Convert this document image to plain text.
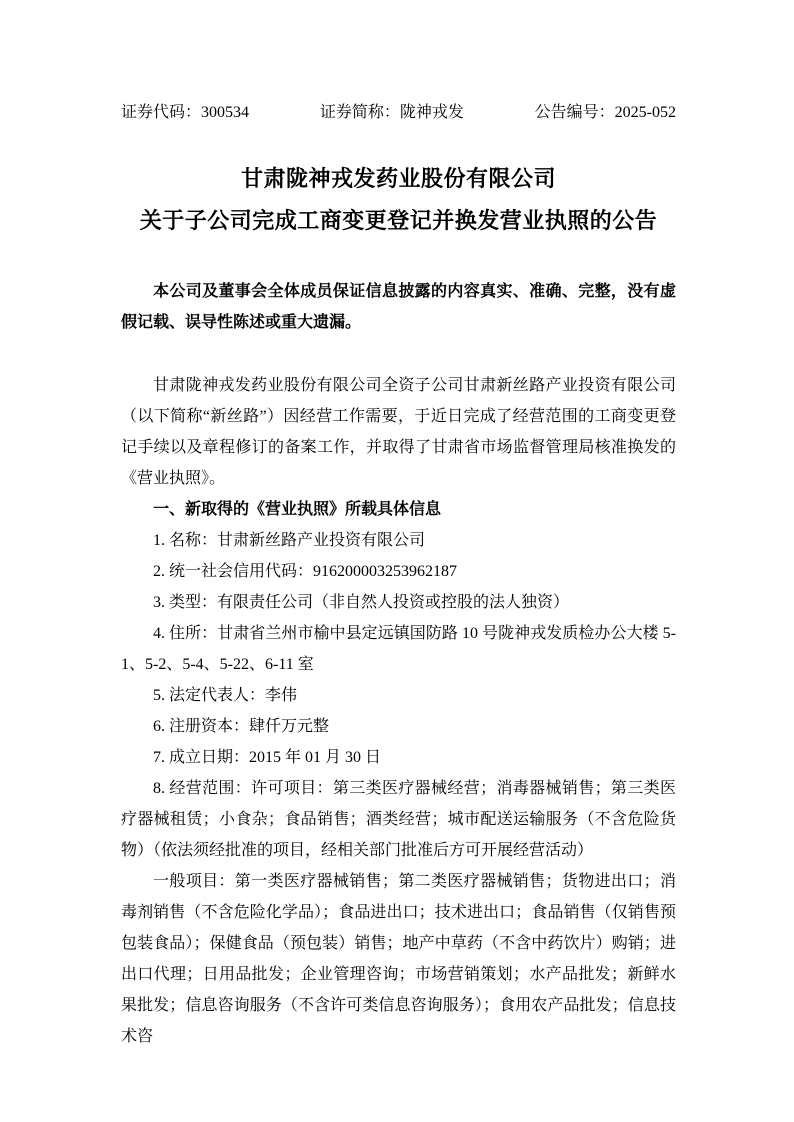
证券代码：300534	证券简称：陇神戎发	公告编号：2025-052
甘肃陇神戎发药业股份有限公司
关于子公司完成工商变更登记并换发营业执照的公告

本公司及董事会全体成员保证信息披露的内容真实、准确、完整，没有虚假记载、误导性陈述或重大遗漏。

甘肃陇神戎发药业股份有限公司全资子公司甘肃新丝路产业投资有限公司（以下简称“新丝路”）因经营工作需要，于近日完成了经营范围的工商变更登记手续以及章程修订的备案工作，并取得了甘肃省市场监督管理局核准换发的《营业执照》。

一、新取得的《营业执照》所载具体信息

1. 名称：甘肃新丝路产业投资有限公司

2. 统一社会信用代码：916200003253962187

3. 类型：有限责任公司（非自然人投资或控股的法人独资）

4. 住所：甘肃省兰州市榆中县定远镇国防路 10 号陇神戎发质检办公大楼 5-1、5-2、5-4、5-22、6-11 室

5. 法定代表人：李伟

6. 注册资本：肆仟万元整

7. 成立日期：2015 年 01 月 30 日

8. 经营范围：许可项目：第三类医疗器械经营；消毒器械销售；第三类医疗器械租赁；小食杂；食品销售；酒类经营；城市配送运输服务（不含危险货物）（依法须经批准的项目，经相关部门批准后方可开展经营活动）

一般项目：第一类医疗器械销售；第二类医疗器械销售；货物进出口；消毒剂销售（不含危险化学品）；食品进出口；技术进出口；食品销售（仅销售预包装食品）；保健食品（预包装）销售；地产中草药（不含中药饮片）购销；进出口代理；日用品批发；企业管理咨询；市场营销策划；水产品批发；新鲜水果批发；信息咨询服务（不含许可类信息咨询服务）；食用农产品批发；信息技术咨
